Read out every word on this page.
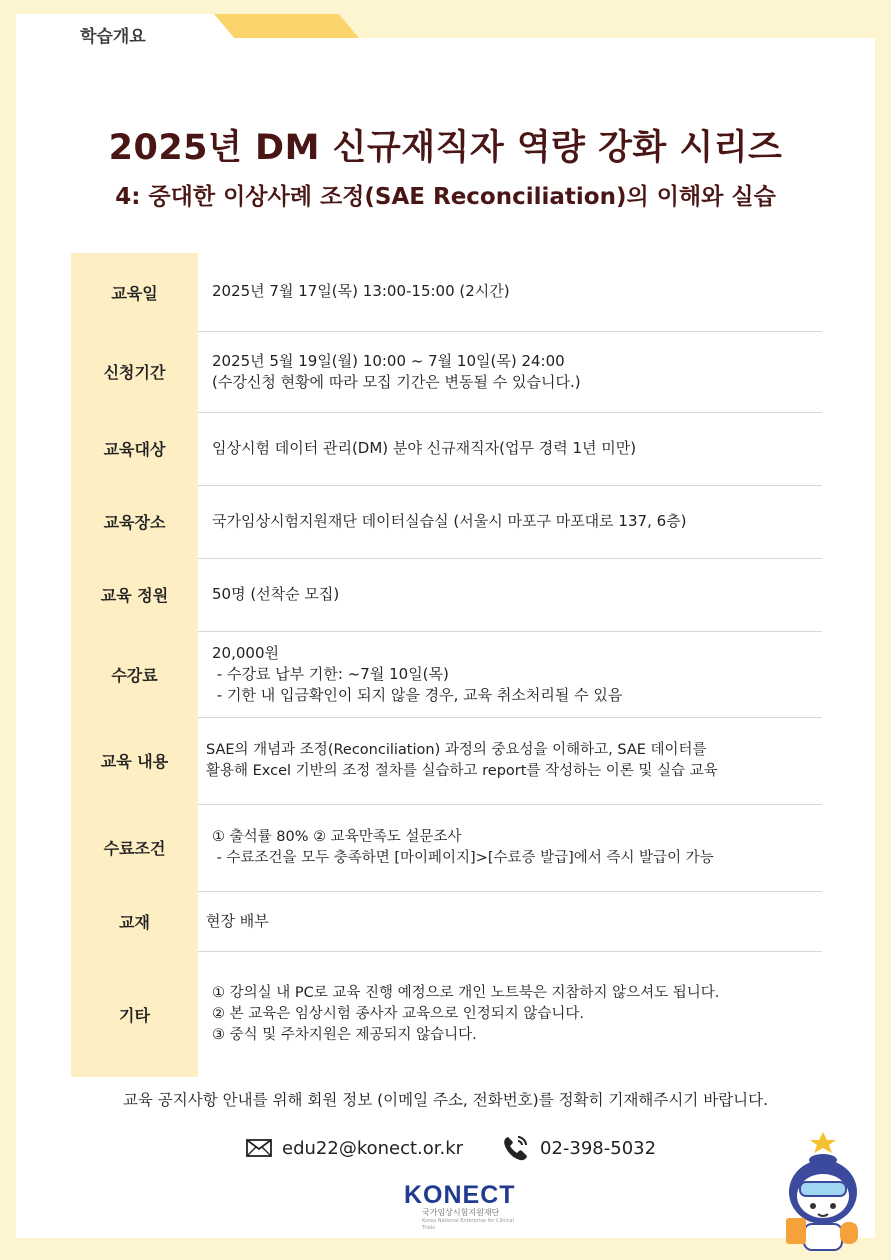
학습개요
2025년 DM 신규재직자 역량 강화 시리즈
4: 중대한 이상사례 조정(SAE Reconciliation)의 이해와 실습
교육일	2025년 7월 17일(목) 13:00-15:00 (2시간)

신청기간	2025년 5월 19일(월) 10:00 ~ 7월 10일(목) 24:00
(수강신청 현황에 따라 모집 기간은 변동될 수 있습니다.)

교육대상	임상시험 데이터 관리(DM) 분야 신규재직자(업무 경력 1년 미만)

교육장소	국가임상시험지원재단 데이터실습실 (서울시 마포구 마포대로 137, 6층)

교육 정원	50명 (선착순 모집)

수강료	20,000원
- 수강료 납부 기한: ~7월 10일(목)
- 기한 내 입금확인이 되지 않을 경우, 교육 취소처리될 수 있음

교육 내용	SAE의 개념과 조정(Reconciliation) 과정의 중요성을 이해하고, SAE 데이터를
활용해 Excel 기반의 조정 절차를 실습하고 report를 작성하는 이론 및 실습 교육

수료조건	① 출석률 80% ② 교육만족도 설문조사
- 수료조건을 모두 충족하면 [마이페이지]>[수료증 발급]에서 즉시 발급이 가능

교재	현장 배부

기타	① 강의실 내 PC로 교육 진행 예정으로 개인 노트북은 지참하지 않으셔도 됩니다.
② 본 교육은 임상시험 종사자 교육으로 인정되지 않습니다.
③ 중식 및 주차지원은 제공되지 않습니다.
교육 공지사항 안내를 위해 회원 정보 (이메일 주소, 전화번호)를 정확히 기재해주시기 바랍니다.
edu22@konect.or.kr	02-398-5032
KONECT
국가임상시험지원재단
Korea National Enterprise for Clinical Trials
